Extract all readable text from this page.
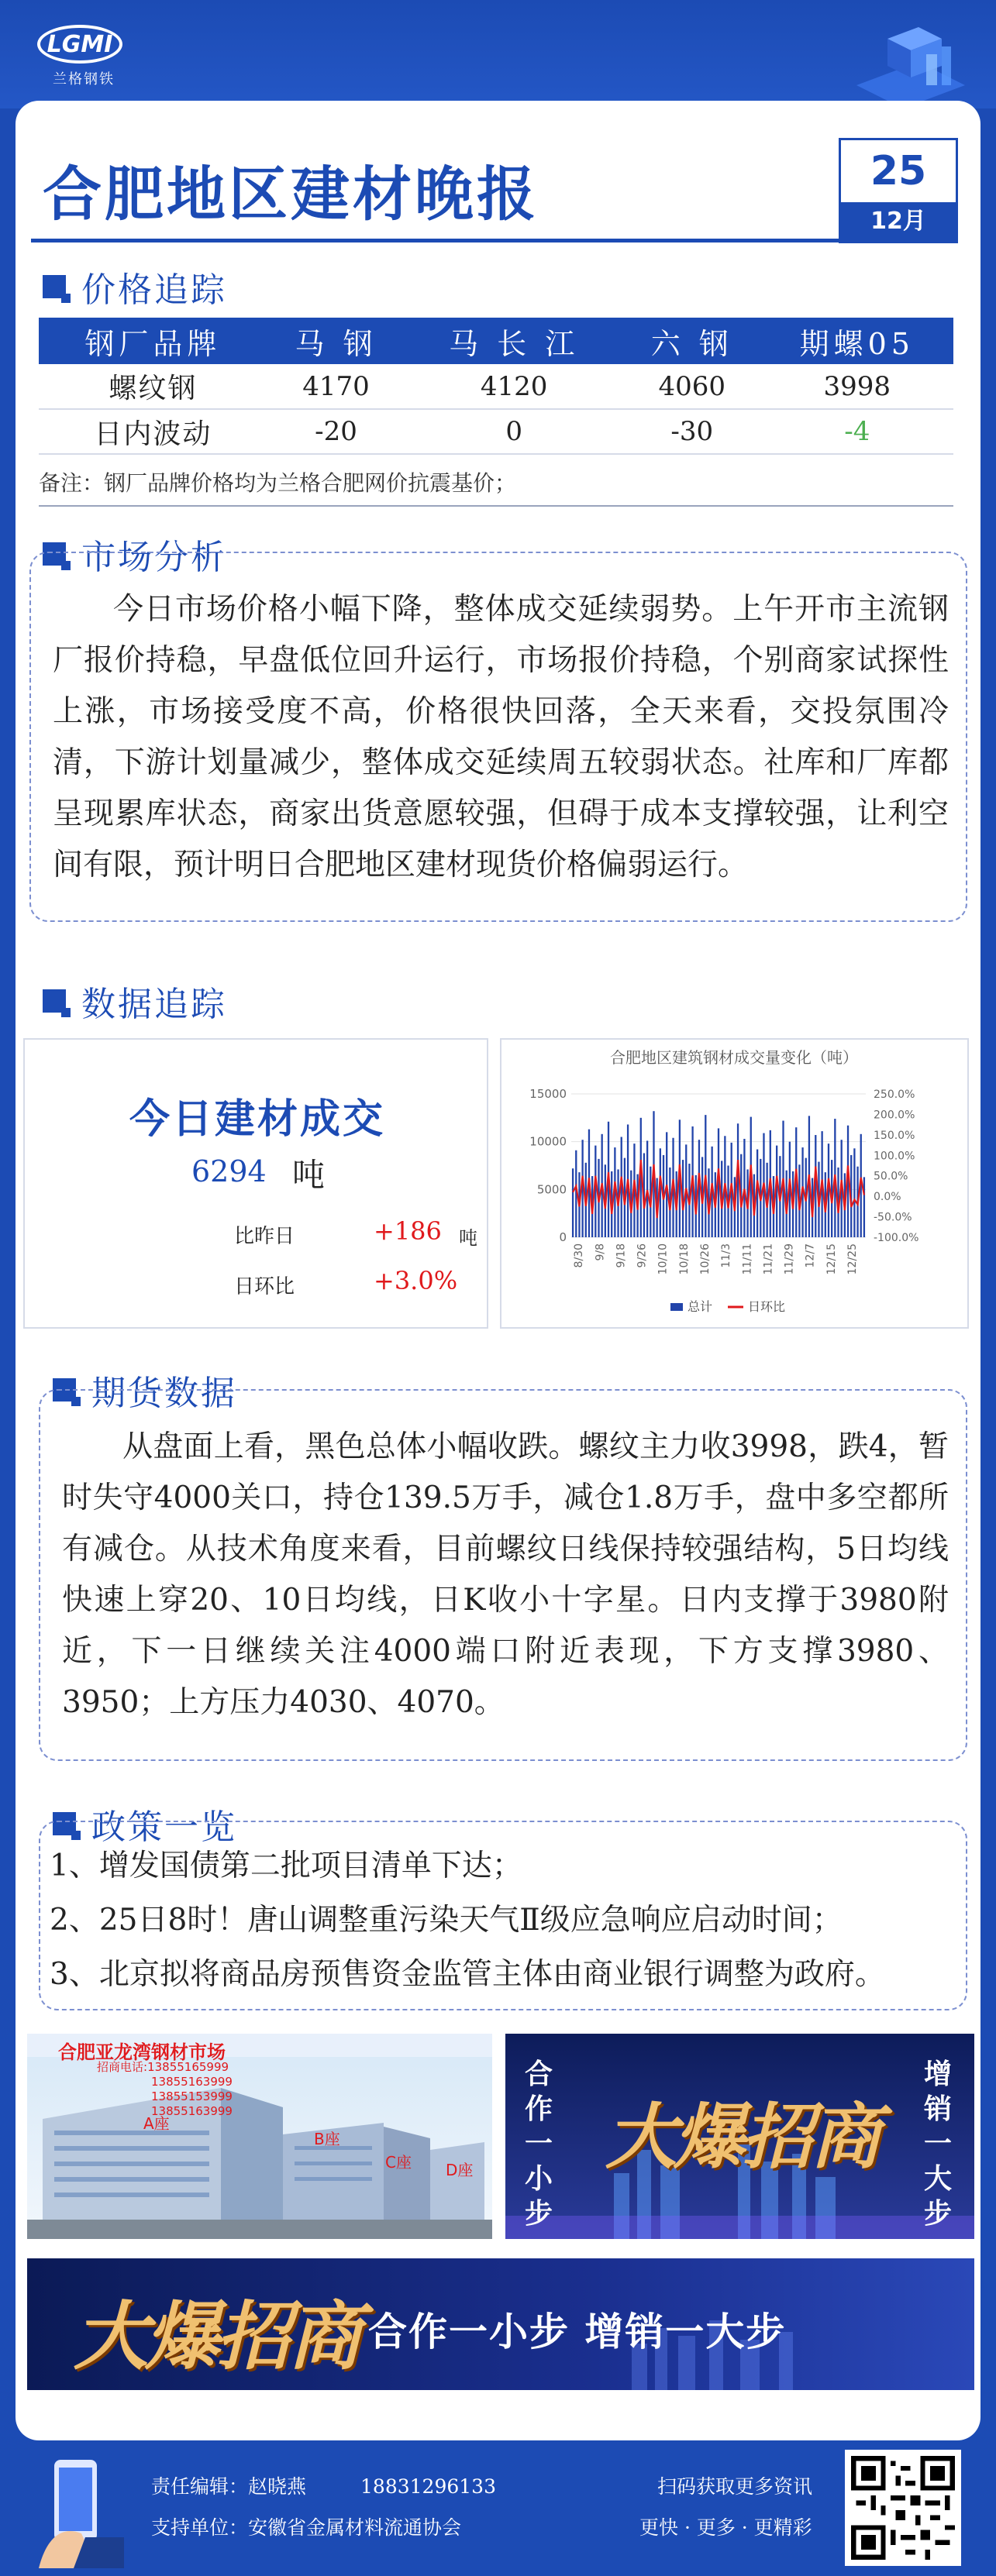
LGMI
兰格钢铁
合肥地区建材晚报	25
12月
价格追踪
钢厂品牌	马 钢	马 长 江	六 钢	期螺05
螺纹钢	4170	4120	4060	3998
日内波动	-20	0	-30	-4
备注：钢厂品牌价格均为兰格合肥网价抗震基价；
市场分析

今日市场价格小幅下降，整体成交延续弱势。上午开市主流钢厂报价持稳，早盘低位回升运行，市场报价持稳，个别商家试探性上涨，市场接受度不高，价格很快回落，全天来看，交投氛围冷清，下游计划量减少，整体成交延续周五较弱状态。社库和厂库都呈现累库状态，商家出货意愿较强，但碍于成本支撑较强，让利空间有限，预计明日合肥地区建材现货价格偏弱运行。

数据追踪
今日建材成交
6294 吨
比昨日	+186 吨
日环比	+3.0%
合肥地区建筑钢材成交量变化（吨）
0
5000
10000
15000
-100.0%
-50.0%
0.0%
50.0%
100.0%
150.0%
200.0%
250.0%
8/30 9/8 9/18 9/26 10/10 10/18 10/26 11/3 11/11 11/21 11/29 12/7 12/15 12/25
总计	日环比
期货数据

从盘面上看，黑色总体小幅收跌。螺纹主力收3998，跌4，暂时失守4000关口，持仓139.5万手，减仓1.8万手，盘中多空都所有减仓。从技术角度来看，目前螺纹日线保持较强结构，5日均线快速上穿20、10日均线，日K收小十字星。日内支撑于3980附近，下一日继续关注4000端口附近表现，下方支撑3980、3950；上方压力4030、4070。

政策一览
1、增发国债第二批项目清单下达；
2、25日8时！唐山调整重污染天气Ⅱ级应急响应启动时间；
3、北京拟将商品房预售资金监管主体由商业银行调整为政府。
合肥亚龙湾钢材市场
招商电话:13855165999
13855163999
13855153999
13855163999
A座
B座
C座 D座
合作一小步
增销一大步
大爆招商
大爆招商 合作一小步 增销一大步
责任编辑：赵晓燕	18831296133
支持单位：安徽省金属材料流通协会
扫码获取更多资讯
更快 · 更多 · 更精彩
